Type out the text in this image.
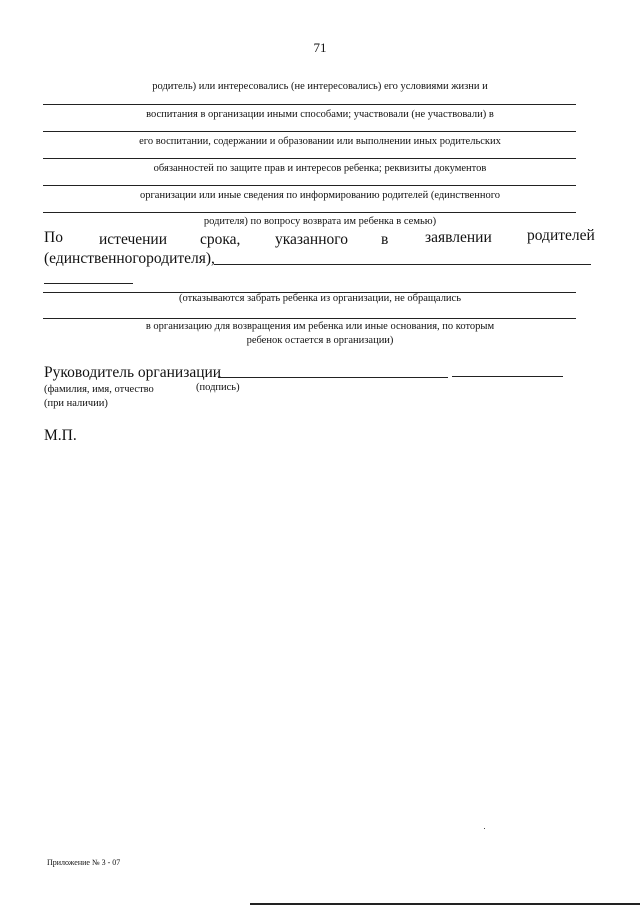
71
родитель) или интересовались (не интересовались) его условиями жизни и
воспитания в организации иными способами; участвовали (не участвовали) в
его воспитании, содержании и образовании или выполнении иных родительских
обязанностей по защите прав и интересов ребенка; реквизиты документов
организации или иные сведения по информированию родителей (единственного
родителя) по вопросу возврата им ребенка в семью)
По истечении срока, указанного в заявлении родителей
(единственногородителя),
(отказываются забрать ребенка из организации, не обращались
в организацию для возвращения им ребенка или иные основания, по которым
ребенок остается в организации)
Руководитель организации
(фамилия, имя, отчество	(подпись)
(при наличии)
М.П.
Приложение № 3 - 07
